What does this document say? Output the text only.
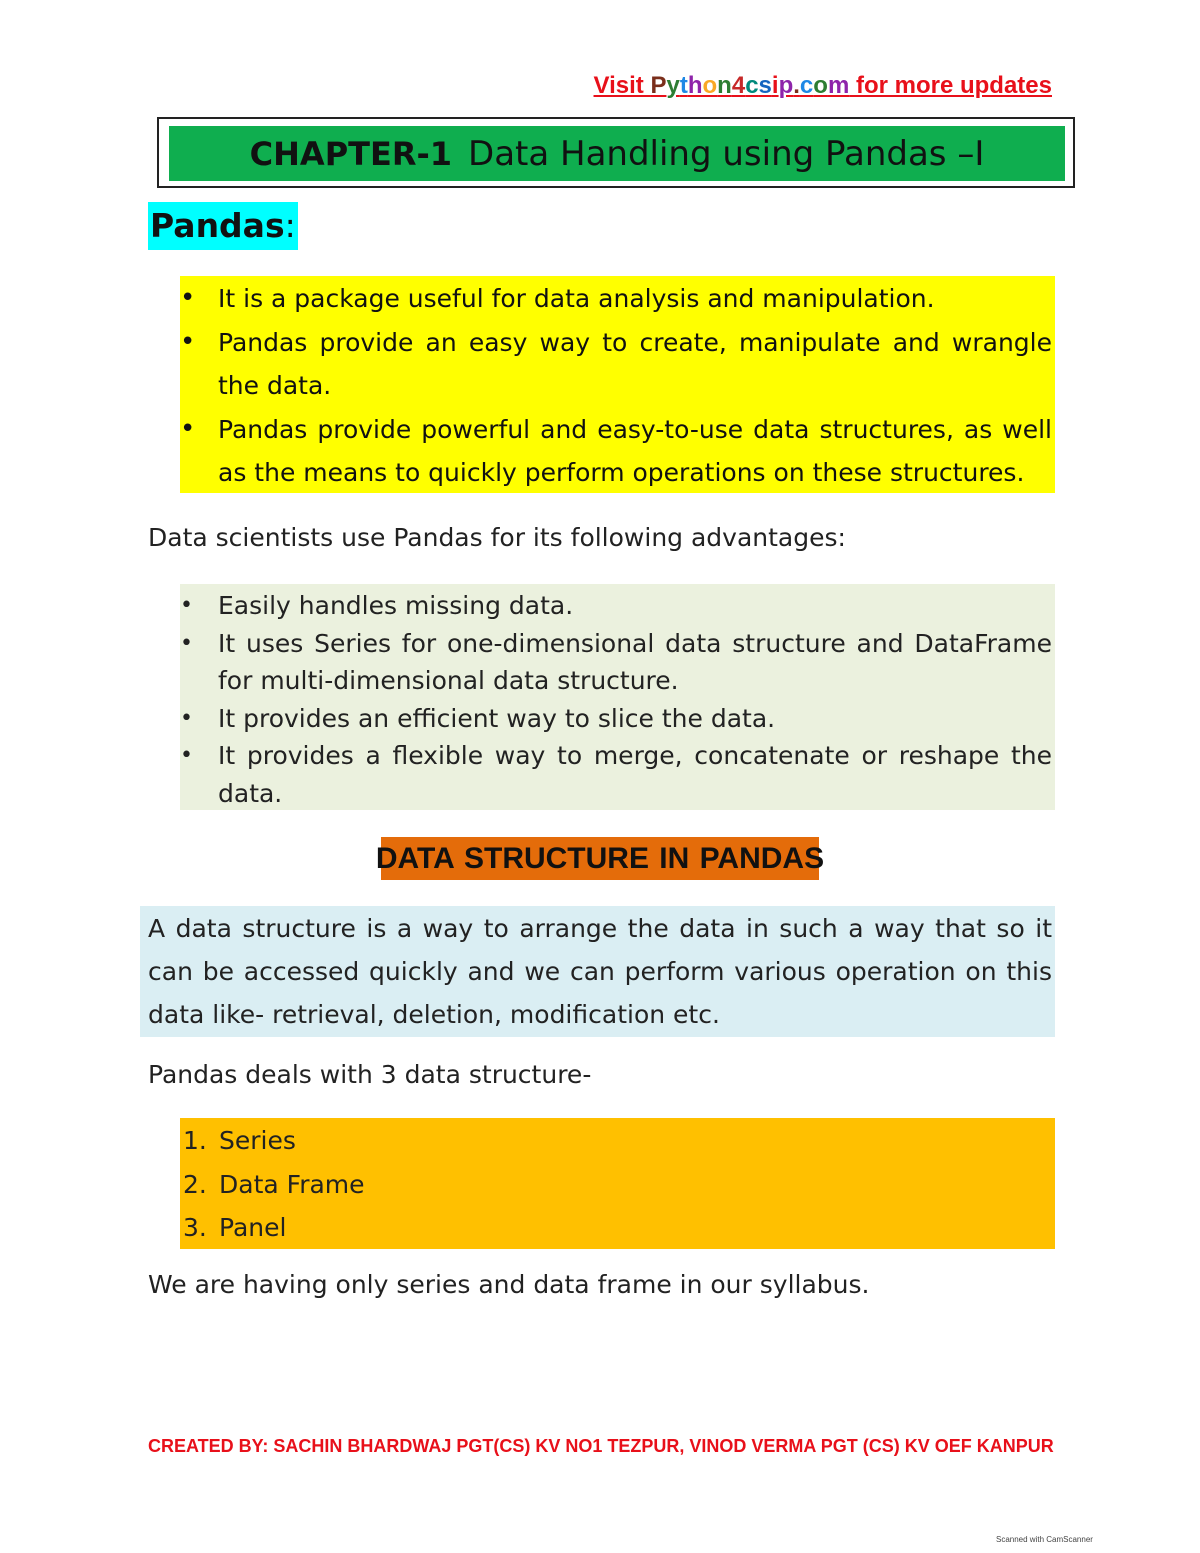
Visit Python4csip.com for more updates
CHAPTER-1 Data Handling using Pandas –I
Pandas:
• It is a package useful for data analysis and manipulation.
• Pandas provide an easy way to create, manipulate and wrangle the data.
• Pandas provide powerful and easy-to-use data structures, as well as the means to quickly perform operations on these structures.
Data scientists use Pandas for its following advantages:
• Easily handles missing data.
• It uses Series for one-dimensional data structure and DataFrame for multi-dimensional data structure.
• It provides an efficient way to slice the data.
• It provides a flexible way to merge, concatenate or reshape the data.
DATA STRUCTURE IN PANDAS
A data structure is a way to arrange the data in such a way that so it can be accessed quickly and we can perform various operation on this data like- retrieval, deletion, modification etc.
Pandas deals with 3 data structure-
1. Series
2. Data Frame
3. Panel
We are having only series and data frame in our syllabus.
CREATED BY: SACHIN BHARDWAJ PGT(CS) KV NO1 TEZPUR, VINOD VERMA PGT (CS) KV OEF KANPUR
Scanned with CamScanner
